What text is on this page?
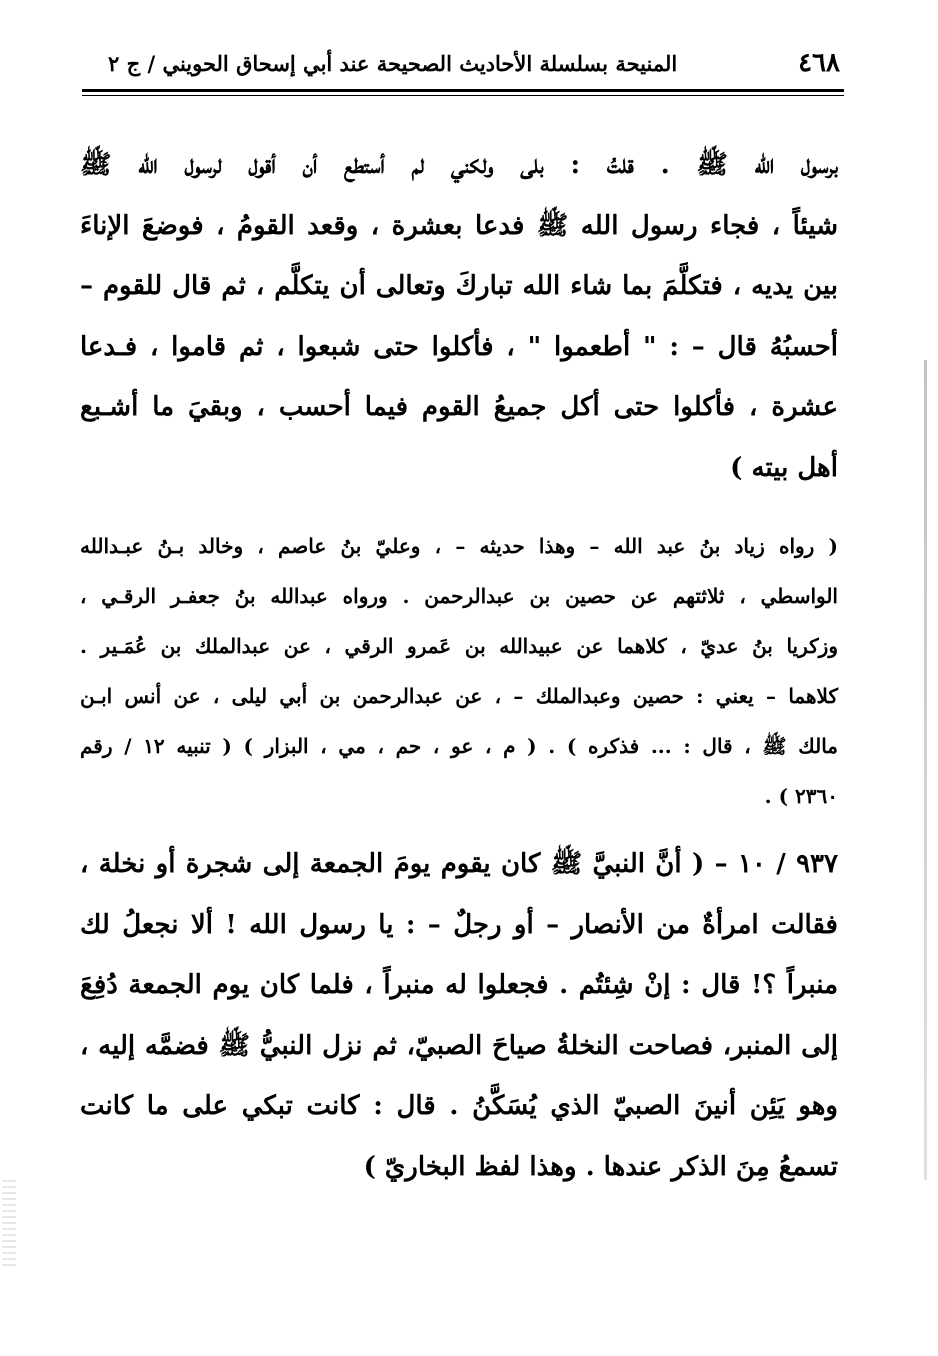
٤٦٨
المنيحة بسلسلة الأحاديث الصحيحة عند أبي إسحاق الحويني / ج ٢

برسول الله ﷺ . قلتُ : بلى ولكني لم أستطع أن أقول لرسول الله ﷺ
شيئاً ، فجاء رسول الله ﷺ فدعا بعشرة ، وقعد القومُ ، فوضعَ الإناءَ
بين يديه ، فتكلَّمَ بما شاء الله تباركَ وتعالى أن يتكلَّم ، ثم قال للقوم –
أحسبُهُ قال – : " أطعموا " ، فأكلوا حتى شبعوا ، ثم قاموا ، فـدعا
عشرة ، فأكلوا حتى أكل جميعُ القوم فيما أحسب ، وبقيَ ما أشـبع
أهل بيته )

( رواه زياد بنُ عبد الله – وهذا حديثه – ، وعليّ بنُ عاصم ، وخالد بـنُ عبـدالله
الواسطي ، ثلاثتهم عن حصين بن عبدالرحمن . ورواه عبدالله بنُ جعفـر الرقـي ،
وزكريا بنُ عديّ ، كلاهما عن عبيدالله بن عَمرو الرقي ، عن عبدالملك بن عُمَـير .
كلاهما – يعني : حصين وعبدالملك – ، عن عبدالرحمن بن أبي ليلى ، عن أنس ابـن
مالك ﷺ ، قال : ... فذكره ) . ( م ، عو ، حم ، مي ، البزار ) ( تنبيه ١٢ / رقم
٢٣٦٠ ) .

٩٣٧ / ١٠ – ( أنَّ النبيَّ ﷺ كان يقوم يومَ الجمعة إلى شجرة أو نخلة ،
فقالت امرأةٌ من الأنصار – أو رجلٌ – : يا رسول الله ! ألا نجعلُ لك
منبراً ؟! قال : إنْ شِئتُم . فجعلوا له منبراً ، فلما كان يوم الجمعة دُفِعَ
إلى المنبر، فصاحت النخلةُ صياحَ الصبيّ، ثم نزل النبيُّ ﷺ فضمَّه إليه ،
وهو يَئِن أنينَ الصبيّ الذي يُسَكَّنُ . قال : كانت تبكي على ما كانت
تسمعُ مِنَ الذكر عندها . وهذا لفظ البخاريّ )
